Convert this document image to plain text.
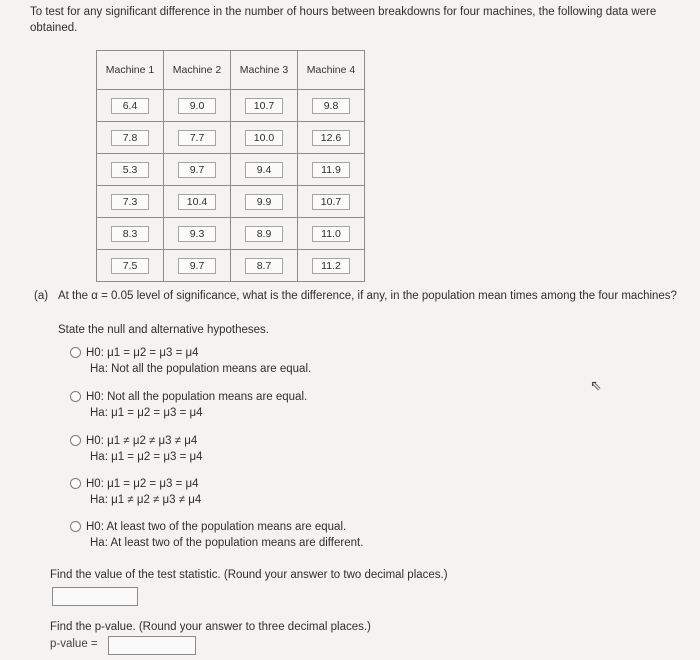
To test for any significant difference in the number of hours between breakdowns for four machines, the following data were obtained.
Machine 1	Machine 2	Machine 3	Machine 4
6.4	9.0	10.7	9.8
7.8	7.7	10.0	12.6
5.3	9.7	9.4	11.9
7.3	10.4	9.9	10.7
8.3	9.3	8.9	11.0
7.5	9.7	8.7	11.2
(a) At the α = 0.05 level of significance, what is the difference, if any, in the population mean times among the four machines?
State the null and alternative hypotheses.
H0: μ1 = μ2 = μ3 = μ4
Ha: Not all the population means are equal.
H0: Not all the population means are equal.
Ha: μ1 = μ2 = μ3 = μ4
H0: μ1 ≠ μ2 ≠ μ3 ≠ μ4
Ha: μ1 = μ2 = μ3 = μ4
H0: μ1 = μ2 = μ3 = μ4
Ha: μ1 ≠ μ2 ≠ μ3 ≠ μ4
H0: At least two of the population means are equal.
Ha: At least two of the population means are different.
⇖
Find the value of the test statistic. (Round your answer to two decimal places.)
Find the p-value. (Round your answer to three decimal places.)
p-value =
